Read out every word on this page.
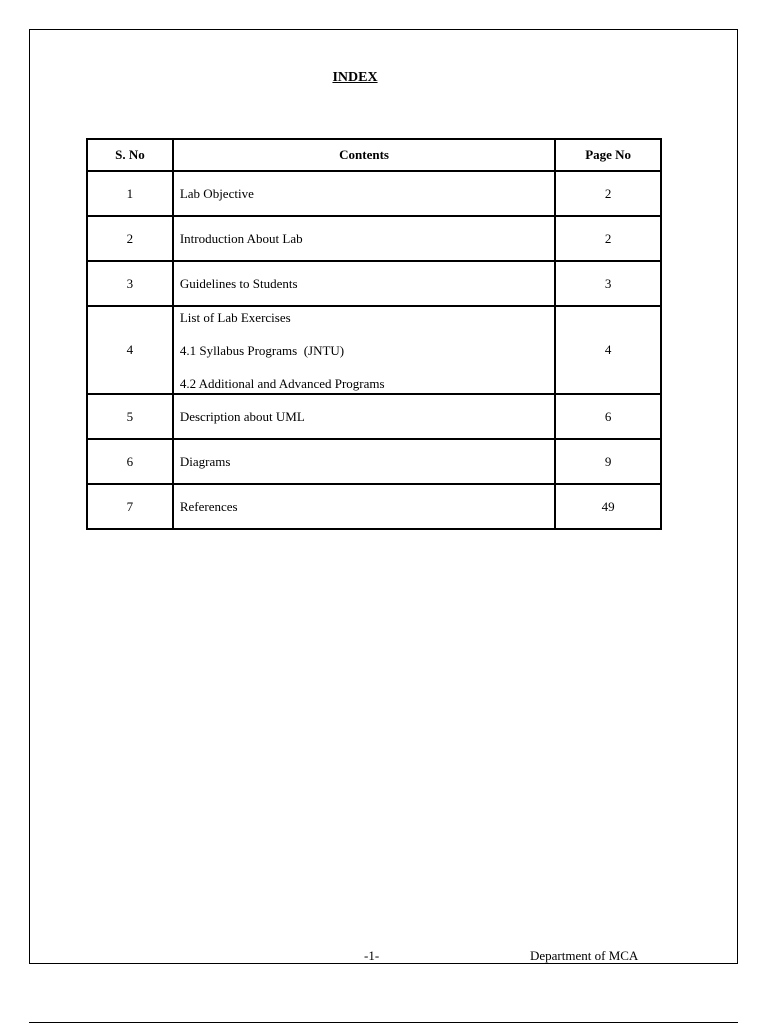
INDEX
S. No	Contents	Page No
1	Lab Objective	2
2	Introduction About Lab	2
3	Guidelines to Students	3
4	List of Lab Exercises
4.1 Syllabus Programs  (JNTU)
4.2 Additional and Advanced Programs	4
5	Description about UML	6
6	Diagrams	9
7	References	49
-1-	Department of MCA
